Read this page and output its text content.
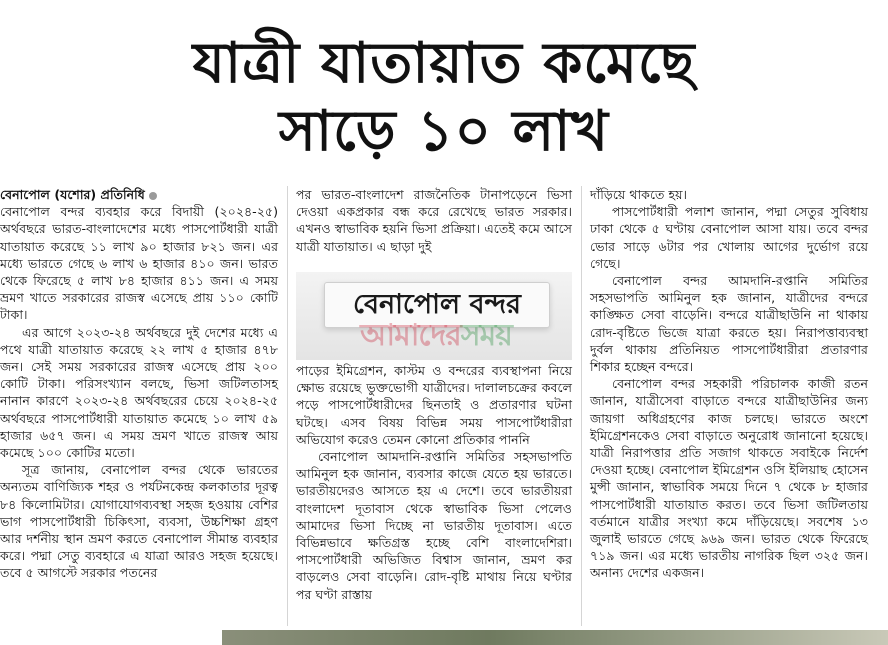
যাত্রী যাতায়াত কমেছে
সাড়ে ১০ লাখ

বেনাপোল (যশোর) প্রতিনিধি

বেনাপোল বন্দর ব্যবহার করে বিদায়ী (২০২৪-২৫) অর্থবছরে ভারত-বাংলাদেশের মধ্যে পাসপোর্টধারী যাত্রী যাতায়াত করেছে ১১ লাখ ৯০ হাজার ৮২১ জন। এর মধ্যে ভারতে গেছে ৬ লাখ ৬ হাজার ৪১০ জন। ভারত থেকে ফিরেছে ৫ লাখ ৮৪ হাজার ৪১১ জন। এ সময় ভ্রমণ খাতে সরকারের রাজস্ব এসেছে প্রায় ১১০ কোটি টাকা।

এর আগে ২০২৩-২৪ অর্থবছরে দুই দেশের মধ্যে এ পথে যাত্রী যাতায়াত করেছে ২২ লাখ ৫ হাজার ৪৭৮ জন। সেই সময় সরকারের রাজস্ব এসেছে প্রায় ২০০ কোটি টাকা। পরিসংখ্যান বলছে, ভিসা জটিলতাসহ নানান কারণে ২০২৩-২৪ অর্থবছরের চেয়ে ২০২৪-২৫ অর্থবছরে পাসপোর্টধারী যাতায়াত কমেছে ১০ লাখ ৫৯ হাজার ৬৫৭ জন। এ সময় ভ্রমণ খাতে রাজস্ব আয় কমেছে ১০০ কোটির মতো।

সূত্র জানায়, বেনাপোল বন্দর থেকে ভারতের অন্যতম বাণিজ্যিক শহর ও পর্যটনকেন্দ্র কলকাতার দূরত্ব ৮৪ কিলোমিটার। যোগাযোগব্যবস্থা সহজ হওয়ায় বেশির ভাগ পাসপোর্টধারী চিকিৎসা, ব্যবসা, উচ্চশিক্ষা গ্রহণ আর দর্শনীয় স্থান ভ্রমণ করতে বেনাপোল সীমান্ত ব্যবহার করে। পদ্মা সেতু ব্যবহারে এ যাত্রা আরও সহজ হয়েছে। তবে ৫ আগস্টে সরকার পতনের

পর ভারত-বাংলাদেশ রাজনৈতিক টানাপড়েনে ভিসা দেওয়া একপ্রকার বন্ধ করে রেখেছে ভারত সরকার। এখনও স্বাভাবিক হয়নি ভিসা প্রক্রিয়া। এতেই কমে আসে যাত্রী যাতায়াত। এ ছাড়া দুই

বেনাপোল বন্দর
আমাদেরসময়

পাড়ের ইমিগ্রেশন, কাস্টম ও বন্দরের ব্যবস্থাপনা নিয়ে ক্ষোভ রয়েছে ভুক্তভোগী যাত্রীদের। দালালচক্রের কবলে পড়ে পাসপোর্টধারীদের ছিনতাই ও প্রতারণার ঘটনা ঘটছে। এসব বিষয় বিভিন্ন সময় পাসপোর্টধারীরা অভিযোগ করেও তেমন কোনো প্রতিকার পাননি

বেনাপোল আমদানি-রপ্তানি সমিতির সহসভাপতি আমিনুল হক জানান, ব্যবসার কাজে যেতে হয় ভারতে। ভারতীয়দেরও আসতে হয় এ দেশে। তবে ভারতীয়রা বাংলাদেশ দূতাবাস থেকে স্বাভাবিক ভিসা পেলেও আমাদের ভিসা দিচ্ছে না ভারতীয় দূতাবাস। এতে বিভিন্নভাবে ক্ষতিগ্রস্ত হচ্ছে বেশি বাংলাদেশিরা। পাসপোর্টধারী অভিজিত বিশ্বাস জানান, ভ্রমণ কর বাড়লেও সেবা বাড়েনি। রোদ-বৃষ্টি মাথায় নিয়ে ঘণ্টার পর ঘণ্টা রাস্তায়

দাঁড়িয়ে থাকতে হয়।

পাসপোর্টধারী পলাশ জানান, পদ্মা সেতুর সুবিধায় ঢাকা থেকে ৫ ঘণ্টায় বেনাপোল আসা যায়। তবে বন্দর ভোর সাড়ে ৬টার পর খোলায় আগের দুর্ভোগ রয়ে গেছে।

বেনাপোল বন্দর আমদানি-রপ্তানি সমিতির সহসভাপতি আমিনুল হক জানান, যাত্রীদের বন্দরে কাঙ্ক্ষিত সেবা বাড়েনি। বন্দরে যাত্রীছাউনি না থাকায় রোদ-বৃষ্টিতে ভিজে যাত্রা করতে হয়। নিরাপত্তাব্যবস্থা দুর্বল থাকায় প্রতিনিয়ত পাসপোর্টধারীরা প্রতারণার শিকার হচ্ছেন বন্দরে।

বেনাপোল বন্দর সহকারী পরিচালক কাজী রতন জানান, যাত্রীসেবা বাড়াতে বন্দরে যাত্রীছাউনির জন্য জায়গা অধিগ্রহণের কাজ চলছে। ভারতে অংশে ইমিগ্রেশনকেও সেবা বাড়াতে অনুরোধ জানানো হয়েছে। যাত্রী নিরাপত্তার প্রতি সজাগ থাকতে সবাইকে নির্দেশ দেওয়া হচ্ছে। বেনাপোল ইমিগ্রেশন ওসি ইলিয়াছ হোসেন মুন্সী জানান, স্বাভাবিক সময়ে দিনে ৭ থেকে ৮ হাজার পাসপোর্টধারী যাতায়াত করত। তবে ভিসা জটিলতায় বর্তমানে যাত্রীর সংখ্যা কমে দাঁড়িয়েছে। সবশেষ ১৩ জুলাই ভারতে গেছে ৯৬৯ জন। ভারত থেকে ফিরেছে ৭১৯ জন। এর মধ্যে ভারতীয় নাগরিক ছিল ৩২৫ জন। অনান্য দেশের একজন।
